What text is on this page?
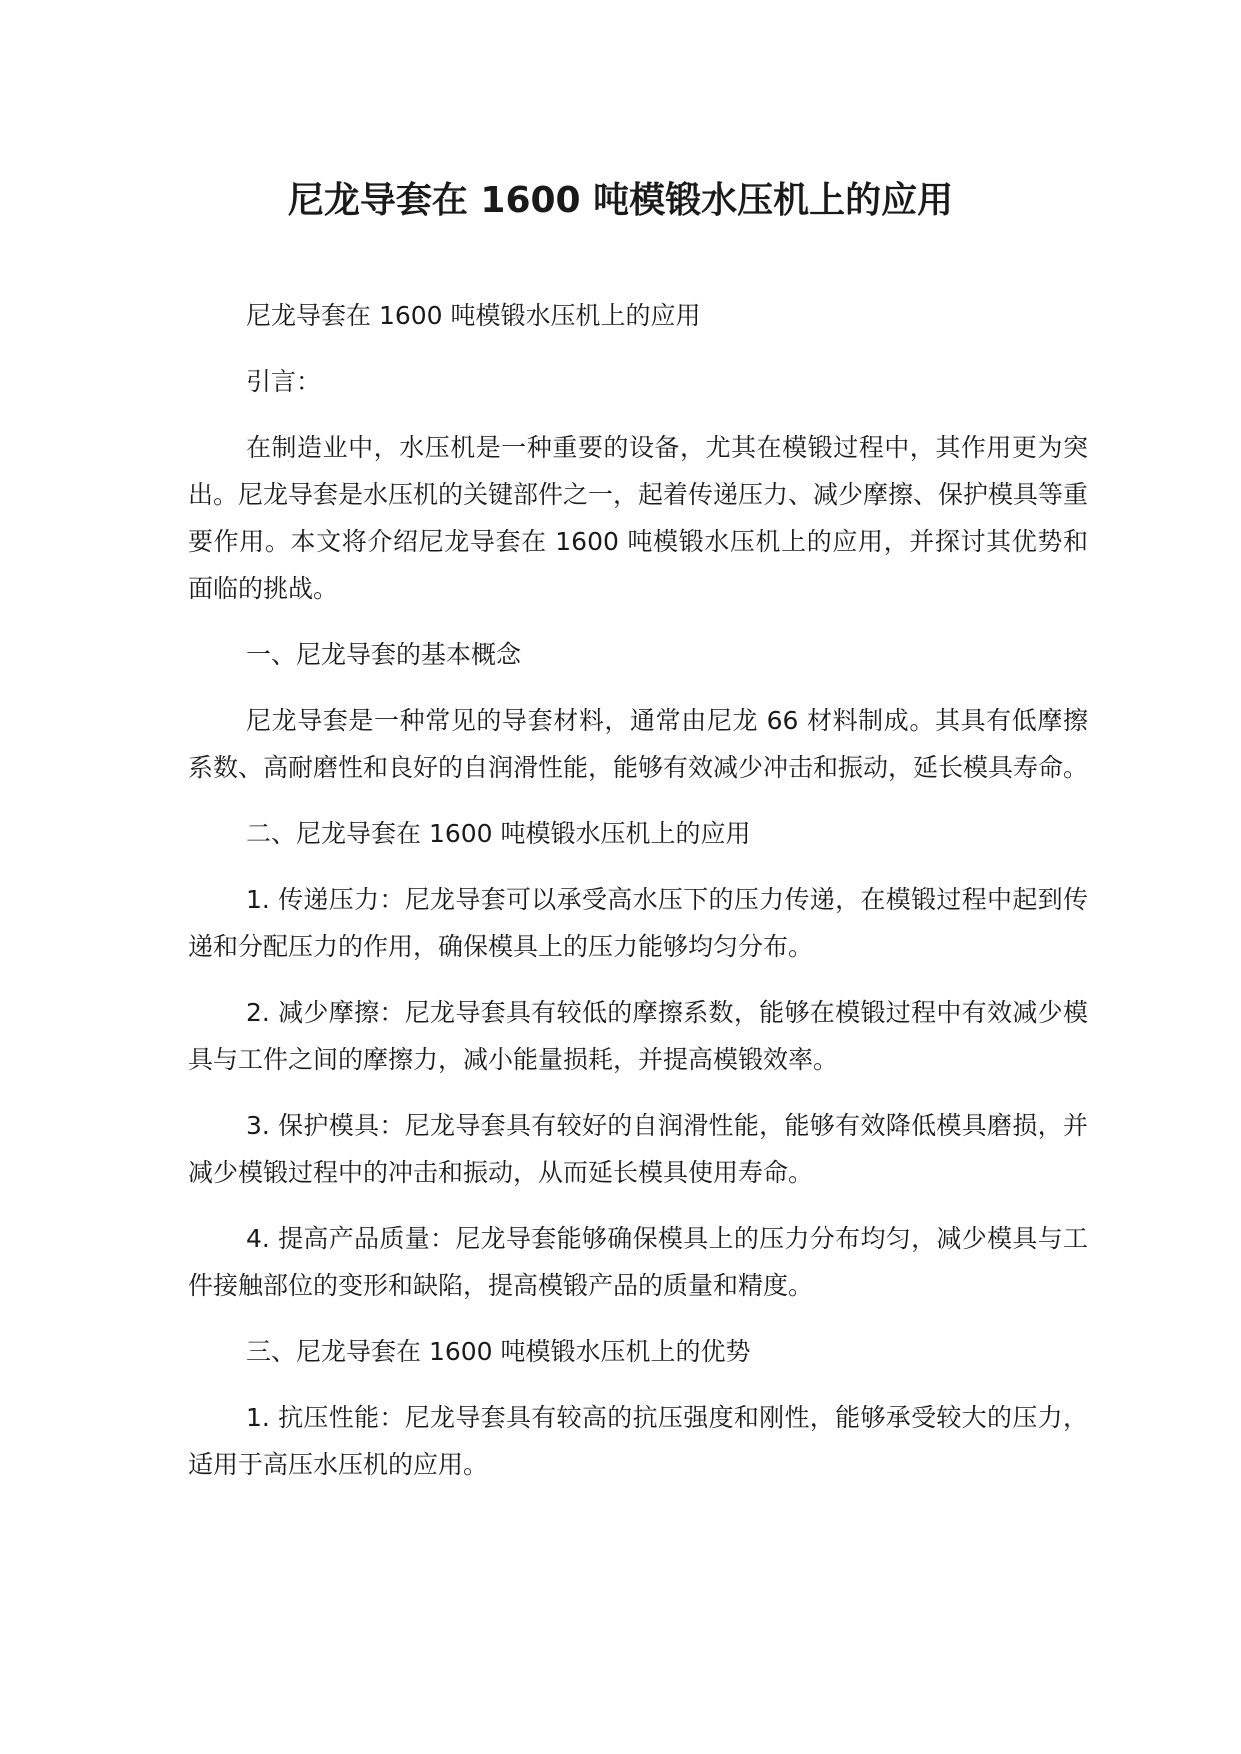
尼龙导套在 1600 吨模锻水压机上的应用

尼龙导套在 1600 吨模锻水压机上的应用

引言：

在制造业中，水压机是一种重要的设备，尤其在模锻过程中，其作用更为突出。尼龙导套是水压机的关键部件之一，起着传递压力、减少摩擦、保护模具等重要作用。本文将介绍尼龙导套在 1600 吨模锻水压机上的应用，并探讨其优势和面临的挑战。

一、尼龙导套的基本概念

尼龙导套是一种常见的导套材料，通常由尼龙 66 材料制成。其具有低摩擦系数、高耐磨性和良好的自润滑性能，能够有效减少冲击和振动，延长模具寿命。

二、尼龙导套在 1600 吨模锻水压机上的应用

1. 传递压力：尼龙导套可以承受高水压下的压力传递，在模锻过程中起到传递和分配压力的作用，确保模具上的压力能够均匀分布。

2. 减少摩擦：尼龙导套具有较低的摩擦系数，能够在模锻过程中有效减少模具与工件之间的摩擦力，减小能量损耗，并提高模锻效率。

3. 保护模具：尼龙导套具有较好的自润滑性能，能够有效降低模具磨损，并减少模锻过程中的冲击和振动，从而延长模具使用寿命。

4. 提高产品质量：尼龙导套能够确保模具上的压力分布均匀，减少模具与工件接触部位的变形和缺陷，提高模锻产品的质量和精度。

三、尼龙导套在 1600 吨模锻水压机上的优势

1. 抗压性能：尼龙导套具有较高的抗压强度和刚性，能够承受较大的压力，适用于高压水压机的应用。
